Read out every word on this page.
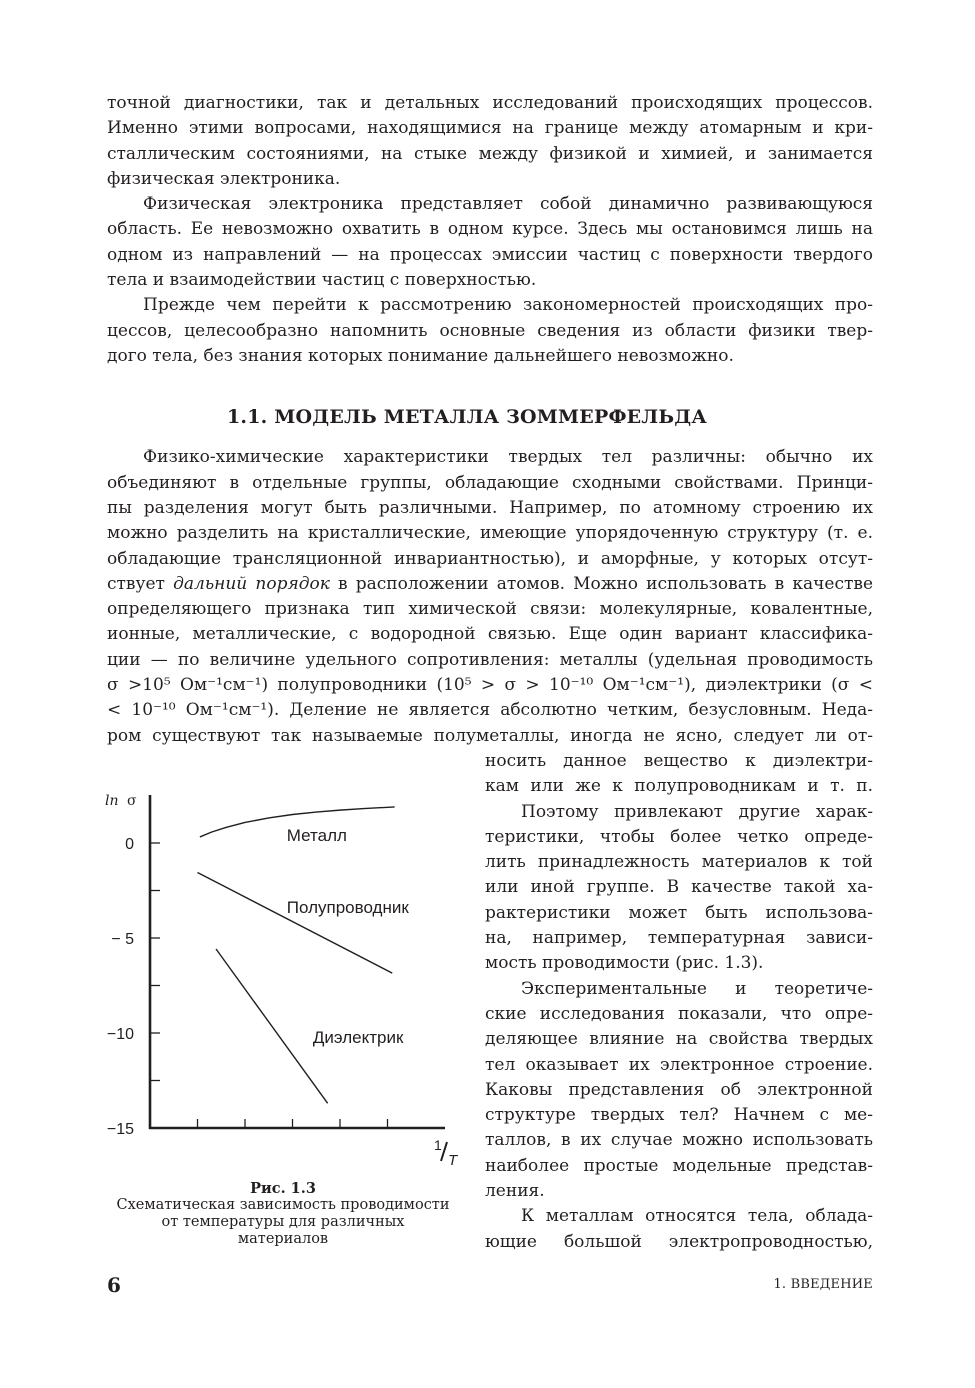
точной диагностики, так и детальных исследований происходящих процессов.
Именно этими вопросами, находящимися на границе между атомарным и кри-
сталлическим состояниями, на стыке между физикой и химией, и занимается
физическая электроника.
Физическая электроника представляет собой динамично развивающуюся
область. Ее невозможно охватить в одном курсе. Здесь мы остановимся лишь на
одном из направлений — на процессах эмиссии частиц с поверхности твердого
тела и взаимодействии частиц с поверхностью.
Прежде чем перейти к рассмотрению закономерностей происходящих про-
цессов, целесообразно напомнить основные сведения из области физики твер-
дого тела, без знания которых понимание дальнейшего невозможно.
1.1. МОДЕЛЬ МЕТАЛЛА ЗОММЕРФЕЛЬДА
Физико-химические характеристики твердых тел различны: обычно их
объединяют в отдельные группы, обладающие сходными свойствами. Принци-
пы разделения могут быть различными. Например, по атомному строению их
можно разделить на кристаллические, имеющие упорядоченную структуру (т. е.
обладающие трансляционной инвариантностью), и аморфные, у которых отсут-
ствует дальний порядок в расположении атомов. Можно использовать в качестве
определяющего признака тип химической связи: молекулярные, ковалентные,
ионные, металлические, с водородной связью. Еще один вариант классифика-
ции — по величине удельного сопротивления: металлы (удельная проводимость
σ >10⁵ Ом⁻¹см⁻¹) полупроводники (10⁵ > σ > 10⁻¹⁰ Ом⁻¹см⁻¹), диэлектрики (σ <
< 10⁻¹⁰ Ом⁻¹см⁻¹). Деление не является абсолютно четким, безусловным. Неда-
ром существуют так называемые полуметаллы, иногда не ясно, следует ли от-
носить данное вещество к диэлектри-
кам или же к полупроводникам и т. п.
Поэтому привлекают другие харак-
теристики, чтобы более четко опреде-
лить принадлежность материалов к той
или иной группе. В качестве такой ха-
рактеристики может быть использова-
на, например, температурная зависи-
мость проводимости (рис. 1.3).
Экспериментальные и теоретиче-
ские исследования показали, что опре-
деляющее влияние на свойства твердых
тел оказывает их электронное строение.
Каковы представления об электронной
структуре твердых тел? Начнем с ме-
таллов, в их случае можно использовать
наиболее простые модельные представ-
ления.
К металлам относятся тела, облада-
ющие большой электропроводностью,
0
− 5
−10
−15
Металл
Полупроводник
Диэлектрик
ln σ
1
T
Рис. 1.3
Схематическая зависимость проводимости
от температуры для различных
материалов
6	1. ВВЕДЕНИЕ
